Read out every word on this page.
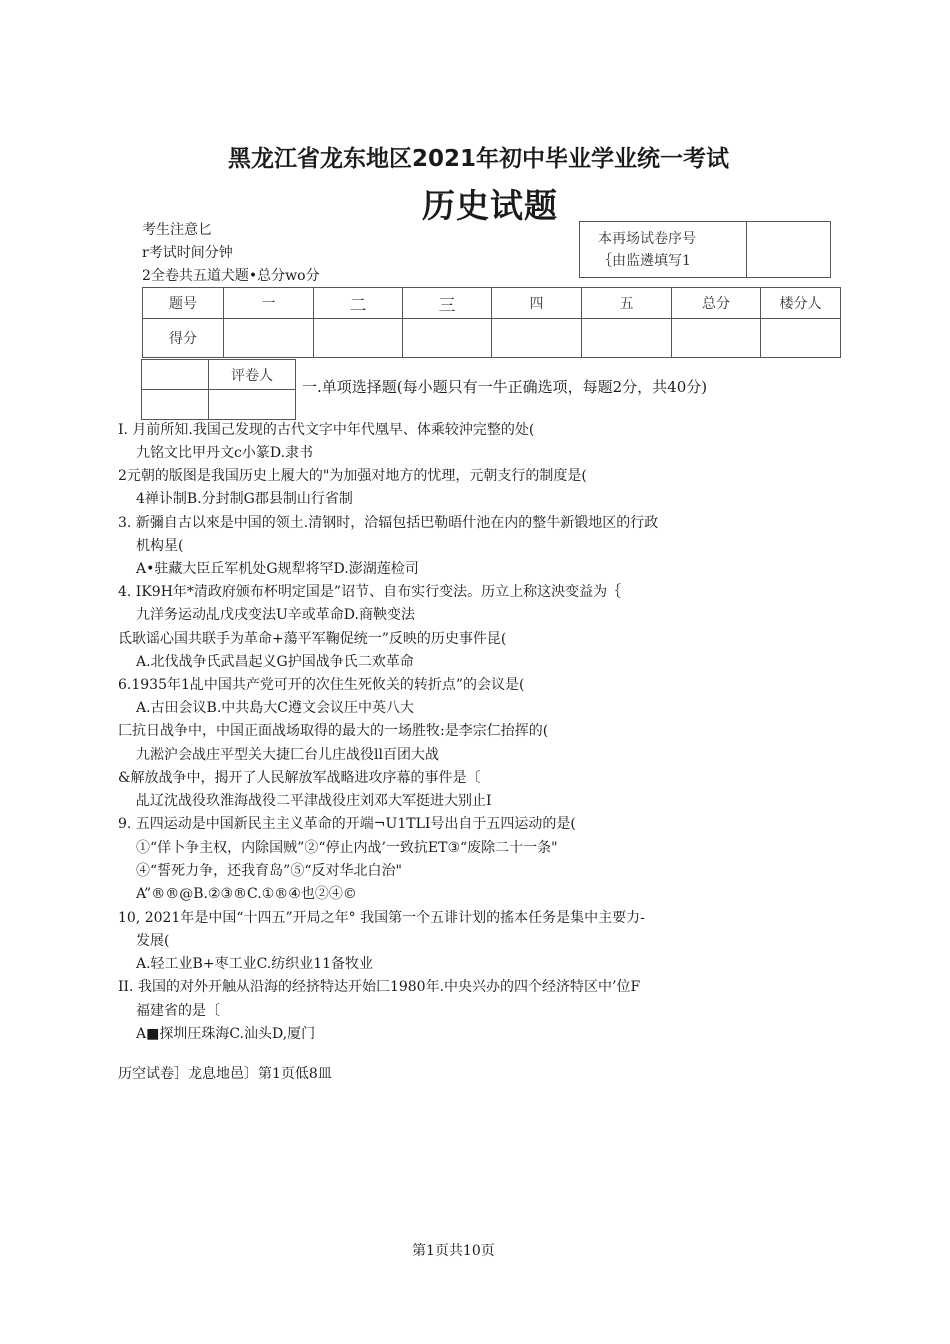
黑龙江省龙东地区2021年初中毕业学业统一考试
历史试题
考生注意匕
r考试时间分钟
2全卷共五道犬题•总分wo分
本再场试卷序号
｛由监遴填写1

题号	一	二	三	四	五	总分	楼分人
得分							
	评卷人

一.单项选择题(每小题只有一牛正确选项，每题2分，共40分)
I. 月前所知.我国己发现的古代文字中年代凰早、体乘较沖完整的处(
九铭文比甲丹文c小篆D.隶书
2元朝的版图是我国历史上履大的"为加强对地方的忧理，元朝支行的制度是(
4禅讣制B.分封制G郡县制山行省制
3. 新彌自古以來是中国的领土.清钢时，洽辐包括巴勒晤什池在内的整牛新锻地区的行政
机构星(
A•驻藏大臣丘军机处G规犁将罕D.澎湖莲检司
4. IK9H年*清政府颁布杯明定国是”诏节、自布实行变法。历立上称这泱变益为｛
九洋务运动乩戊戌变法U辛或革命D.商鞅变法
氐耿谣心国共联手为革命+蕩平军鞠促统一”反映的历史事件昆(
A.北伐战争氏武昌起义G护国战争氏二欢革命
6.1935年1乩中国共产党可开的次住生死攸关的转折点”的会议是(
A.古田会议B.中共島大C遵文会议圧中英八大
匚抗日战争中，中国正面战场取得的最大的一场胜牧:是李宗仁抬挥的(
九淞沪会战庄平型关大捷匚台儿庄战役ll百团大战
&解放战争中，揭开了人民解放军战略进攻序幕的事件是〔
乩辽沈战役玖淮海战役二平津战役庄刘邓大军挺进大别止I
9. 五四运动是中国新民主主义革命的开端¬U1TLI号出自于五四运动的是(
①“佯卜争主权，内除国贼”②“停止内战’一致抗ET③“废除二十一条"
④“誓死力争，还我育岛”⑤“反对华北白治"
A”®®@B.②③®C.①®④也②④©
10, 2021年是中国“十四五”开局之年° 我国第一个五诽计划的搖本任务是集中主要力-
发展(
A.轻工业B+枣工业C.纺织业11备牧业
II. 我国的对外开触从沿海的经挤特达开始匚1980年.中央兴办的四个经济特区中’位F
福建省的是〔
A■探圳圧珠海C.汕头D,厦门
历空试卷］龙息地邑〕第1页低8皿
第1页共10页
